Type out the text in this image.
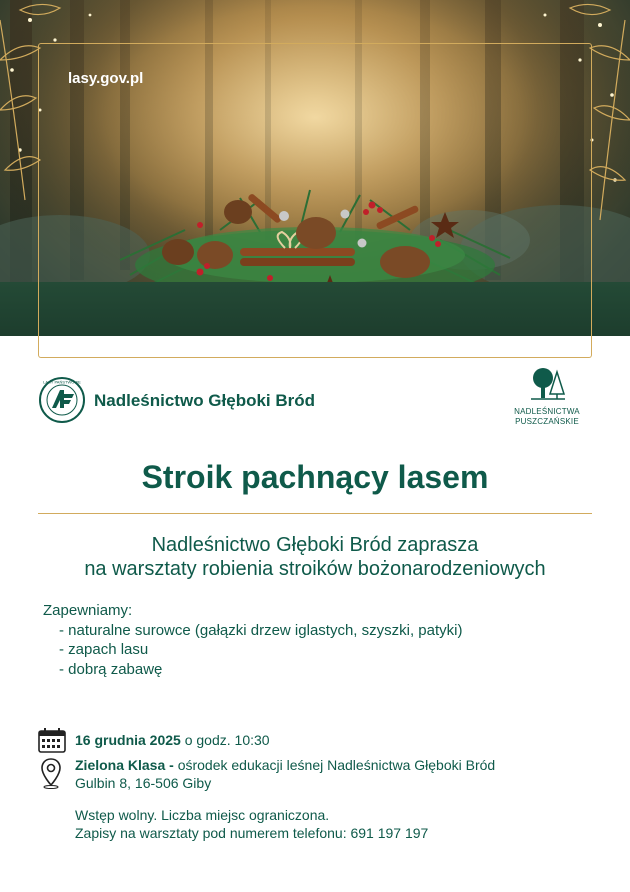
lasy.gov.pl
LASY PAŃSTWOWE
Nadleśnictwo Głęboki Bród
NADLEŚNICTWA
PUSZCZAŃSKIE
Stroik pachnący lasem
Nadleśnictwo Głęboki Bród zaprasza
na warsztaty robienia stroików bożonarodzeniowych
Zapewniamy:
- naturalne surowce (gałązki drzew iglastych, szyszki, patyki)
- zapach lasu
- dobrą zabawę
16 grudnia 2025 o godz. 10:30
Zielona Klasa - ośrodek edukacji leśnej Nadleśnictwa Głęboki Bród
Gulbin 8, 16-506 Giby
Wstęp wolny. Liczba miejsc ograniczona.
Zapisy na warsztaty pod numerem telefonu: 691 197 197
